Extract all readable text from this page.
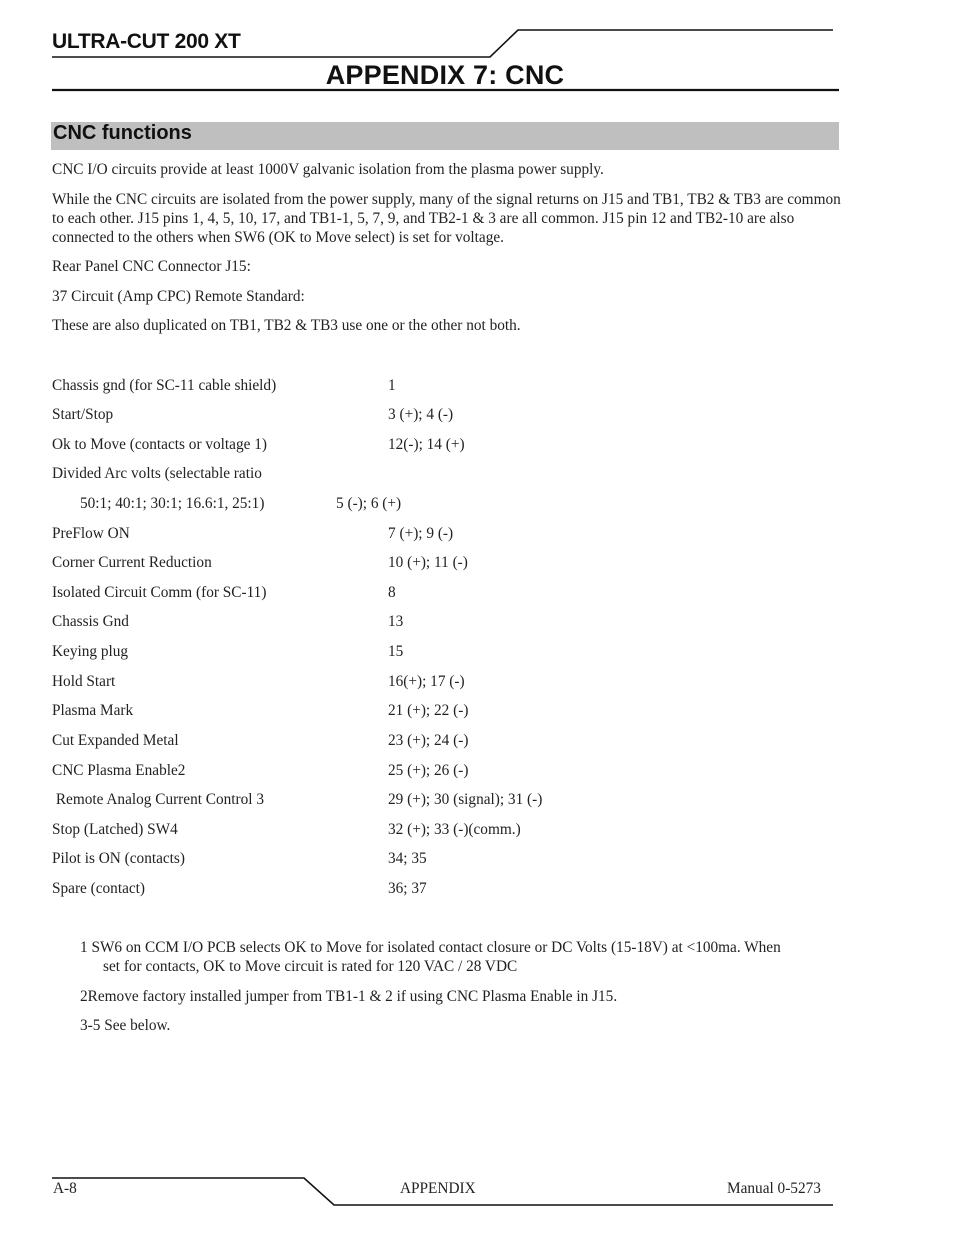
ULTRA-CUT 200 XT
APPENDIX 7: CNC
CNC functions
CNC I/O circuits provide at least 1000V galvanic isolation from the plasma power supply.
While the CNC circuits are isolated from the power supply, many of the signal returns on J15 and TB1, TB2 & TB3 are common to each other. J15 pins 1, 4, 5, 10, 17, and TB1-1, 5, 7, 9, and TB2-1 & 3 are all common. J15 pin 12 and TB2-10 are also connected to the others when SW6 (OK to Move select) is set for voltage.
Rear Panel CNC Connector J15:
37 Circuit (Amp CPC) Remote Standard:
These are also duplicated on TB1, TB2 & TB3 use one or the other not both.
Chassis gnd (for SC-11 cable shield)	1
Start/Stop	3 (+); 4 (-)
Ok to Move (contacts or voltage 1)	12(-); 14 (+)
Divided Arc volts (selectable ratio
50:1; 40:1; 30:1; 16.6:1, 25:1)	5 (-); 6 (+)
PreFlow ON	7 (+); 9 (-)
Corner Current Reduction	10 (+); 11 (-)
Isolated Circuit Comm (for SC-11)	8
Chassis Gnd	13
Keying plug	15
Hold Start	16(+); 17 (-)
Plasma Mark	21 (+); 22 (-)
Cut Expanded Metal	23 (+); 24 (-)
CNC Plasma Enable2	25 (+); 26 (-)
Remote Analog Current Control 3	29 (+); 30 (signal); 31 (-)
Stop (Latched) SW4	32 (+); 33 (-)(comm.)
Pilot is ON (contacts)	34; 35
Spare (contact)	36; 37
1 SW6 on CCM I/O PCB selects OK to Move for isolated contact closure or DC Volts (15-18V) at <100ma. When
set for contacts, OK to Move circuit is rated for 120 VAC / 28 VDC
2Remove factory installed jumper from TB1-1 & 2 if using CNC Plasma Enable in J15.
3-5 See below.
A-8	APPENDIX	Manual 0-5273
